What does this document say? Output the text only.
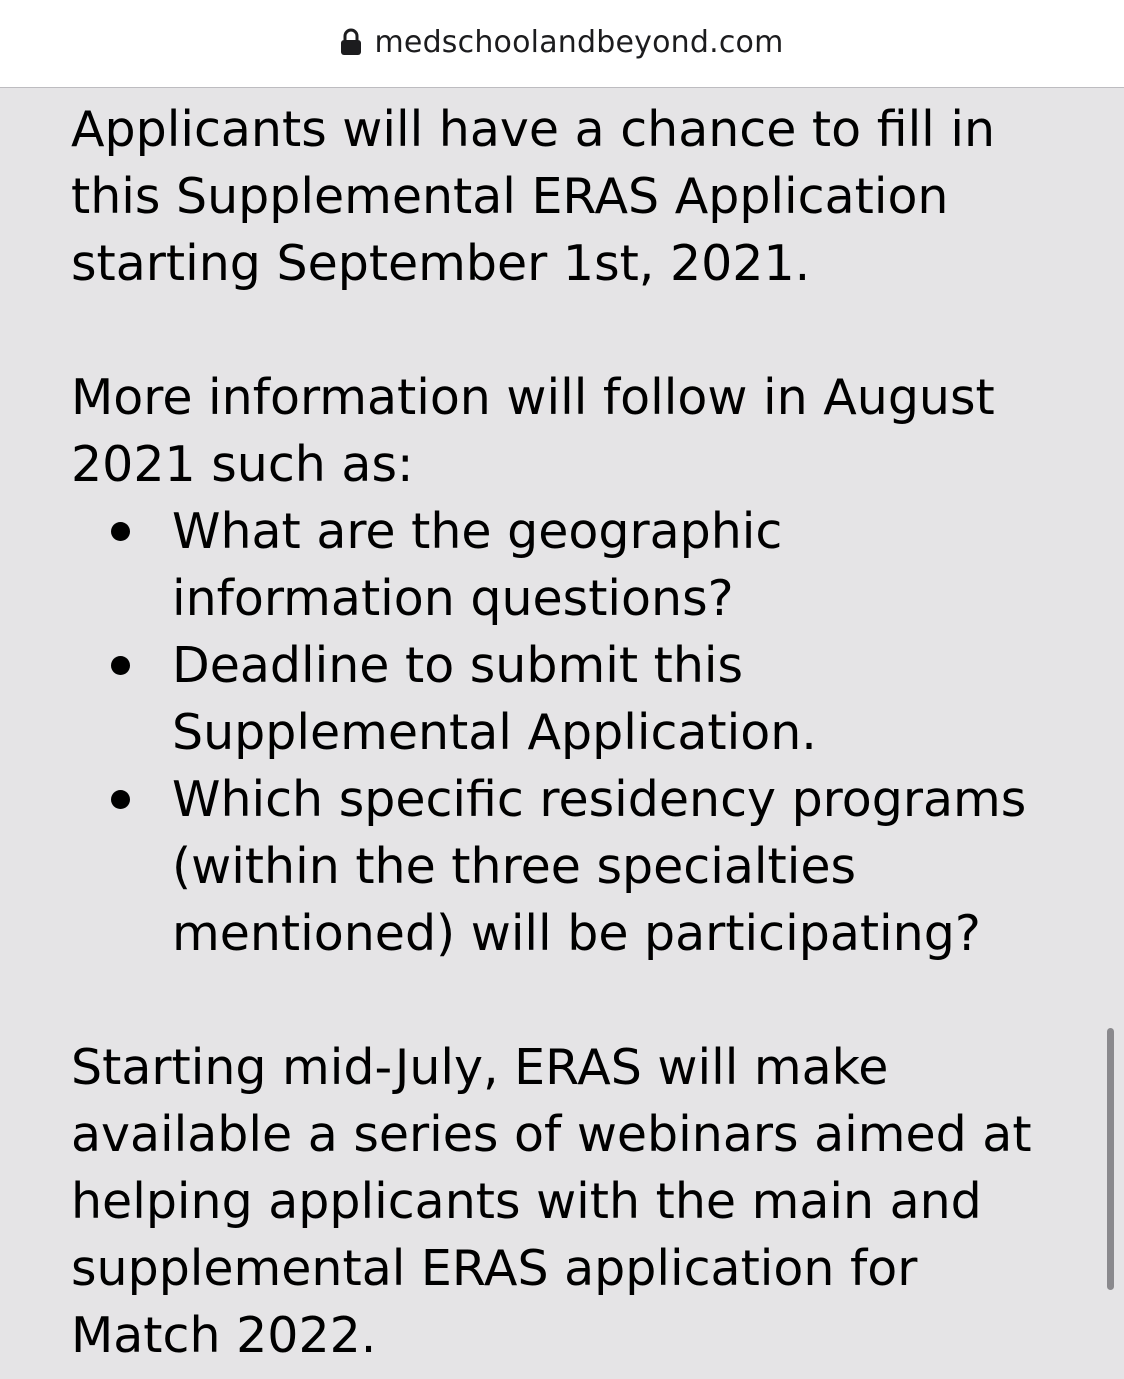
medschoolandbeyond.com

Applicants will have a chance to fill in this Supplemental ERAS Application starting September 1st, 2021.

More information will follow in August 2021 such as:

What are the geographic information questions?
Deadline to submit this Supplemental Application.
Which specific residency programs (within the three specialties mentioned) will be participating?

Starting mid-July, ERAS will make available a series of webinars aimed at helping applicants with the main and supplemental ERAS application for Match 2022.
